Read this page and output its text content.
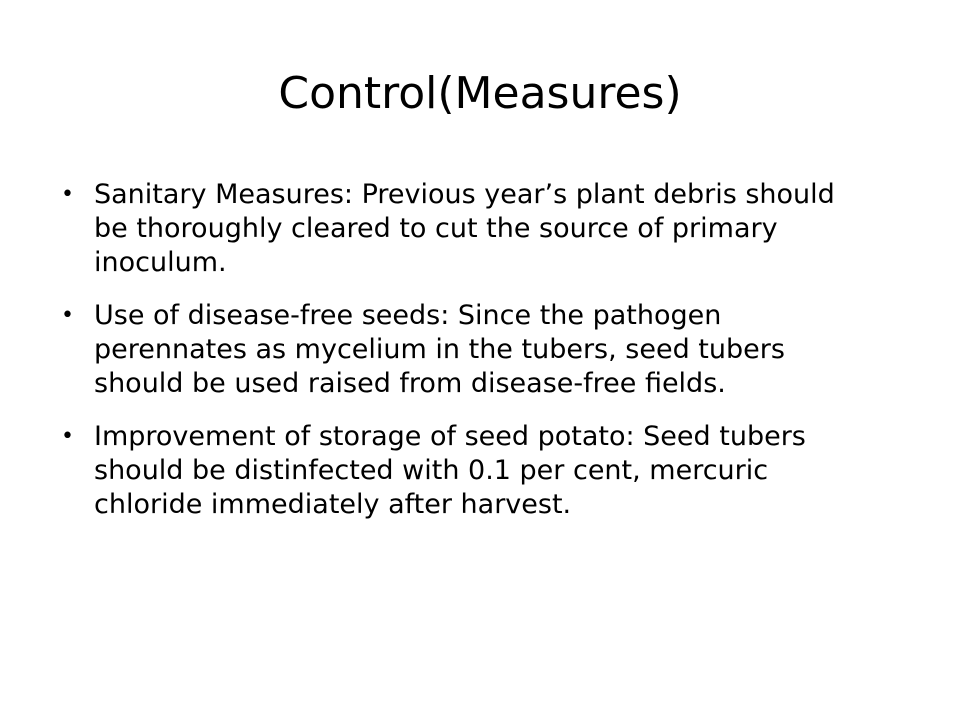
Control(Measures)
• Sanitary Measures: Previous year’s plant debris should be thoroughly cleared to cut the source of primary inoculum.
• Use of disease-free seeds: Since the pathogen perennates as mycelium in the tubers, seed tubers should be used raised from disease-free fields.
• Improvement of storage of seed potato: Seed tubers should be distinfected with 0.1 per cent, mercuric chloride immediately after harvest.
